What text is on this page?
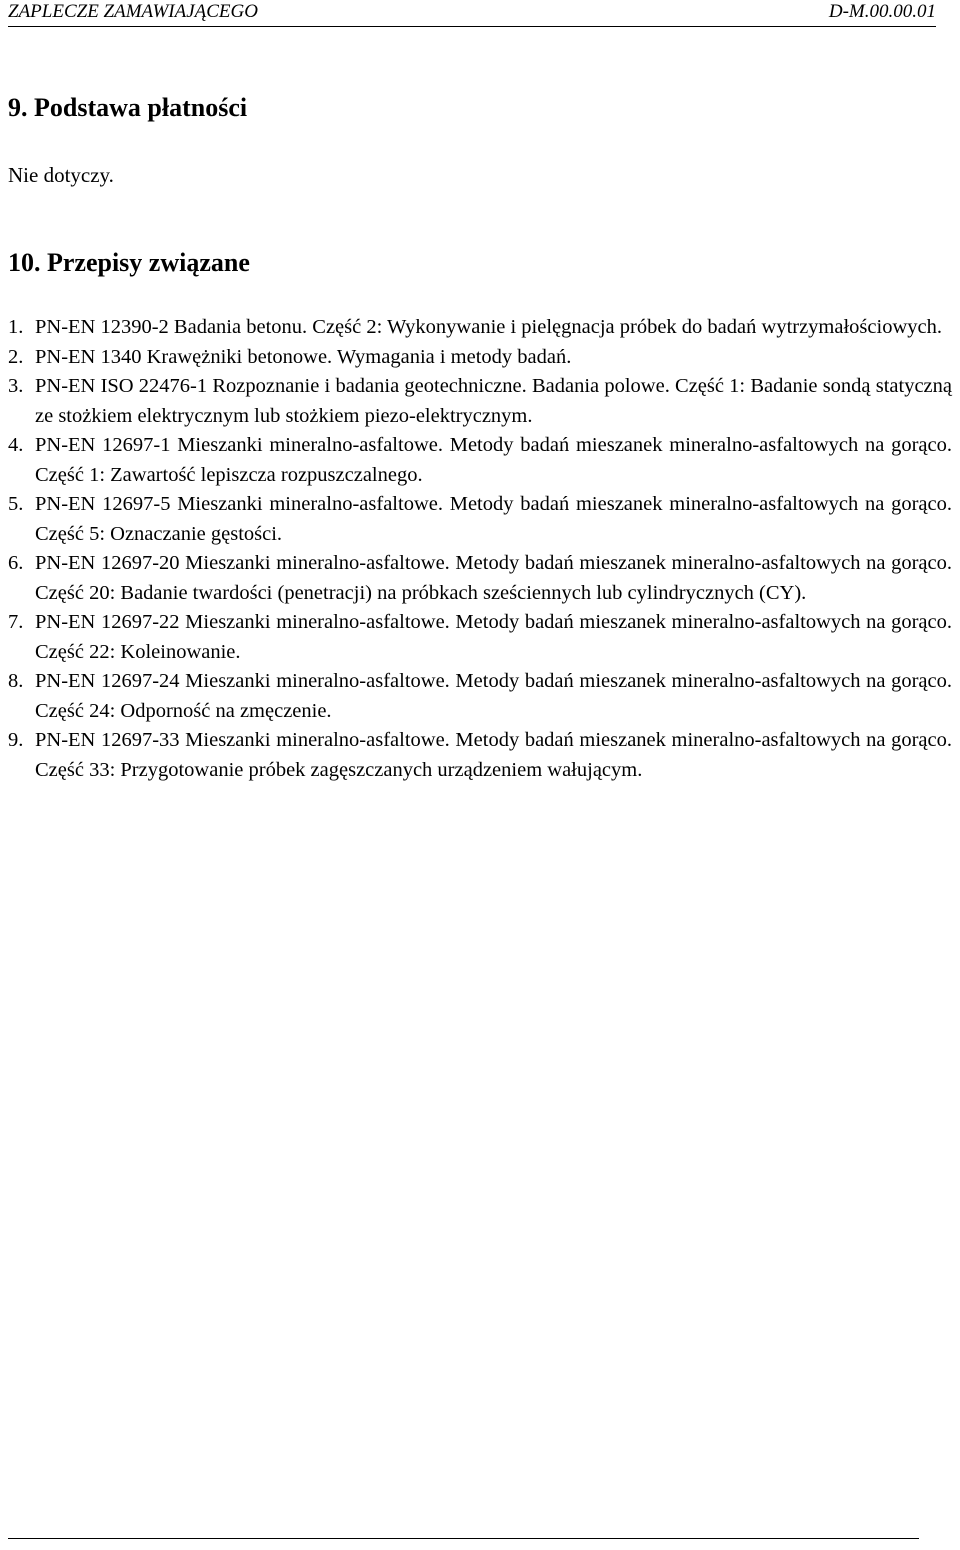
ZAPLECZE ZAMAWIAJĄCEGO	D-M.00.00.01
9. Podstawa płatności

Nie dotyczy.

10. Przepisy związane
1. PN-EN 12390-2 Badania betonu. Część 2: Wykonywanie i pielęgnacja próbek do badań wytrzymałościowych.
2. PN-EN 1340 Krawężniki betonowe. Wymagania i metody badań.
3. PN-EN ISO 22476-1 Rozpoznanie i badania geotechniczne. Badania polowe. Część 1: Badanie sondą statyczną ze stożkiem elektrycznym lub stożkiem piezo-elektrycznym.
4. PN-EN 12697-1 Mieszanki mineralno-asfaltowe. Metody badań mieszanek mineralno-asfaltowych na gorąco. Część 1: Zawartość lepiszcza rozpuszczalnego.
5. PN-EN 12697-5 Mieszanki mineralno-asfaltowe. Metody badań mieszanek mineralno-asfaltowych na gorąco. Część 5: Oznaczanie gęstości.
6. PN-EN 12697-20 Mieszanki mineralno-asfaltowe. Metody badań mieszanek mineralno-asfaltowych na gorąco. Część 20: Badanie twardości (penetracji) na próbkach sześciennych lub cylindrycznych (CY).
7. PN-EN 12697-22 Mieszanki mineralno-asfaltowe. Metody badań mieszanek mineralno-asfaltowych na gorąco. Część 22: Koleinowanie.
8. PN-EN 12697-24 Mieszanki mineralno-asfaltowe. Metody badań mieszanek mineralno-asfaltowych na gorąco. Część 24: Odporność na zmęczenie.
9. PN-EN 12697-33 Mieszanki mineralno-asfaltowe. Metody badań mieszanek mineralno-asfaltowych na gorąco. Część 33: Przygotowanie próbek zagęszczanych urządzeniem wałującym.
